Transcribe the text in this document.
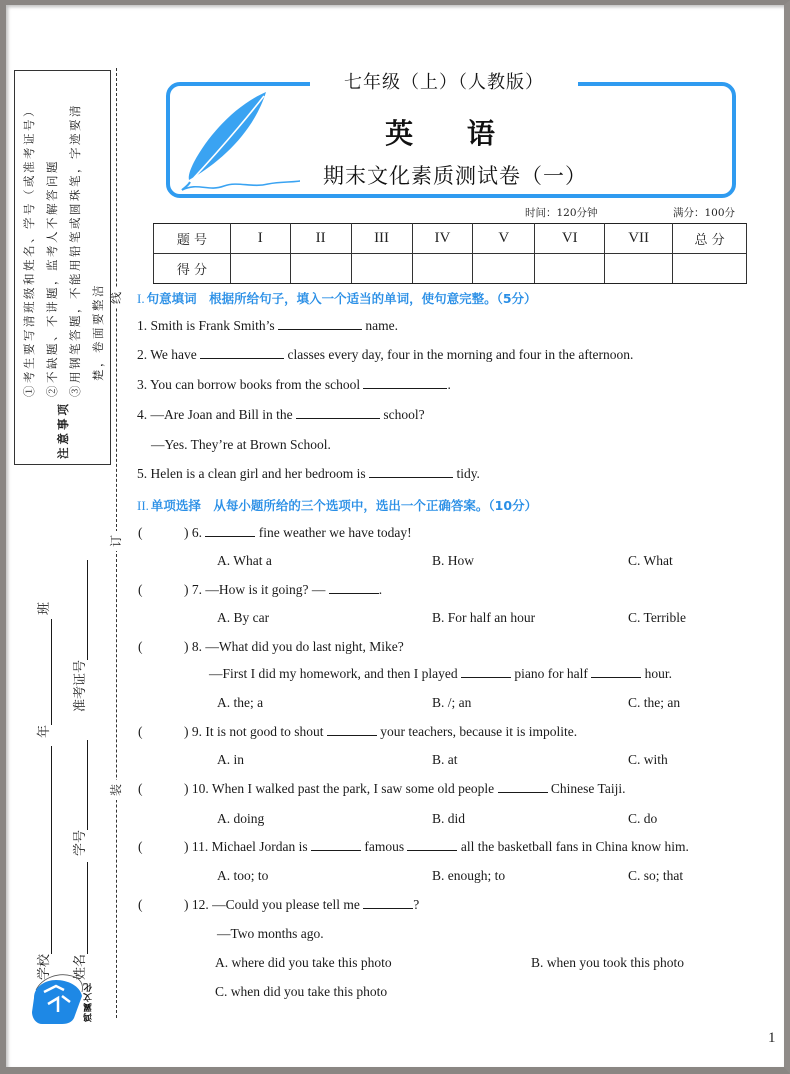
七年级（上）（人教版）
英 语
期末文化素质测试卷（一）
时间：120分钟	满分：100分
题 号	I	II	III	IV	V	VI	VII	总 分
得 分								
线
订
装
注意事项
①考生要写清班级和姓名、学号（或准考证号） ②不缺题、不讲题，监考人不解答问题 ③用钢笔答题，不能用铅笔或圆珠笔，字迹要清 楚，卷面要整洁
学校
年
班
姓名
学号
准考证号
鸿翼文化
I. 句意填词　根据所给句子，填入一个适当的单词，使句意完整。（5分）
1. Smith is Frank Smith’s	name.
2. We have	classes every day, four in the morning and four in the afternoon.
3. You can borrow books from the school	.
4. —Are Joan and Bill in the	school?
—Yes. They’re at Brown School.
5. Helen is a clean girl and her bedroom is	tidy.
II. 单项选择　从每小题所给的三个选项中，选出一个正确答案。（10分）
(	) 6.	fine weather we have today!
A. What a	B. How	C. What
(	) 7. —How is it going? —	.
A. By car	B. For half an hour	C. Terrible
(	) 8. —What did you do last night, Mike?
—First I did my homework, and then I played	piano for half	hour.
A. the; a	B. /; an	C. the; an
(	) 9. It is not good to shout	your teachers, because it is impolite.
A. in	B. at	C. with
(	) 10. When I walked past the park, I saw some old people	Chinese Taiji.
A. doing	B. did	C. do
(	) 11. Michael Jordan is	famous	all the basketball fans in China know him.
A. too; to	B. enough; to	C. so; that
(	) 12. —Could you please tell me	?
—Two months ago.
A. where did you take this photo	B. when you took this photo
C. when did you take this photo
1
